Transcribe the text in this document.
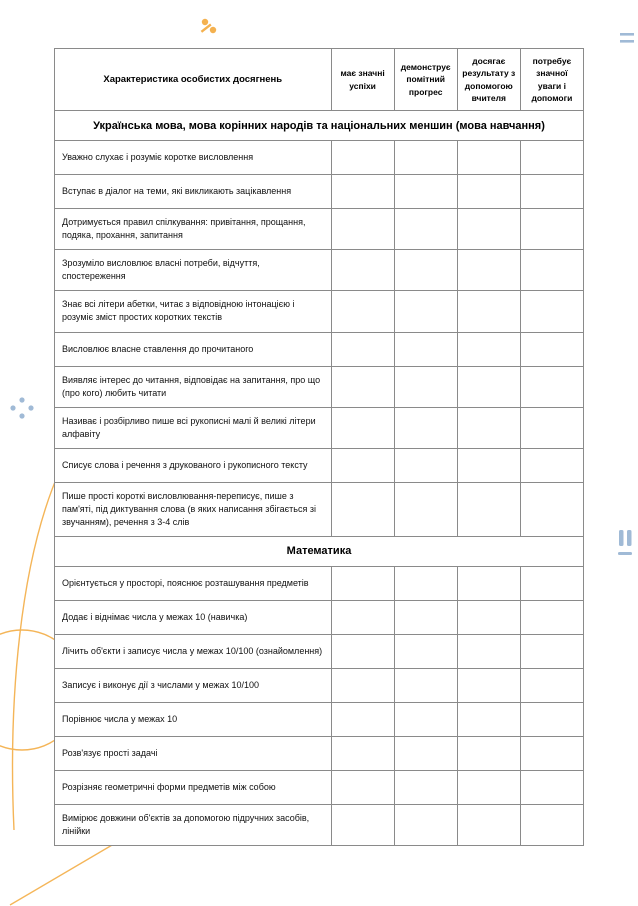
Характеристика особистих досягнень	має значні успіхи	демонструє помітний прогрес	досягає результату з допомогою вчителя	потребує значної уваги і допомоги
Українська мова, мова корінних народів та національних меншин (мова навчання)				
Уважно слухає і розуміє коротке висловлення				
Вступає в діалог на теми, які викликають зацікавлення				
Дотримується правил спілкування: привітання, прощання, подяка, прохання, запитання				
Зрозуміло висловлює власні потреби, відчуття, спостереження				
Знає всі літери абетки, читає з відповідною інтонацією і розуміє зміст простих коротких текстів				
Висловлює власне ставлення до прочитаного				
Виявляє інтерес до читання, відповідає на запитання, про що (про кого) любить читати				
Називає і розбірливо пише всі рукописні малі й великі літери алфавіту				
Списує слова і речення з друкованого і рукописного тексту				
Пише прості короткі висловлювання-переписує, пише з пам'яті, під диктування слова (в яких написання збігається зі звучанням), речення з 3-4 слів				
Математика				
Орієнтується у просторі, пояснює розташування предметів				
Додає і віднімає числа у межах 10 (навичка)				
Лічить об'єкти і записує числа у межах 10/100 (ознайомлення)				
Записує і виконує дії з числами у межах 10/100				
Порівнює числа у межах 10				
Розв'язує прості задачі				
Розрізняє геометричні форми предметів між собою				
Вимірює довжини об'єктів за допомогою підручних засобів, лінійки				
